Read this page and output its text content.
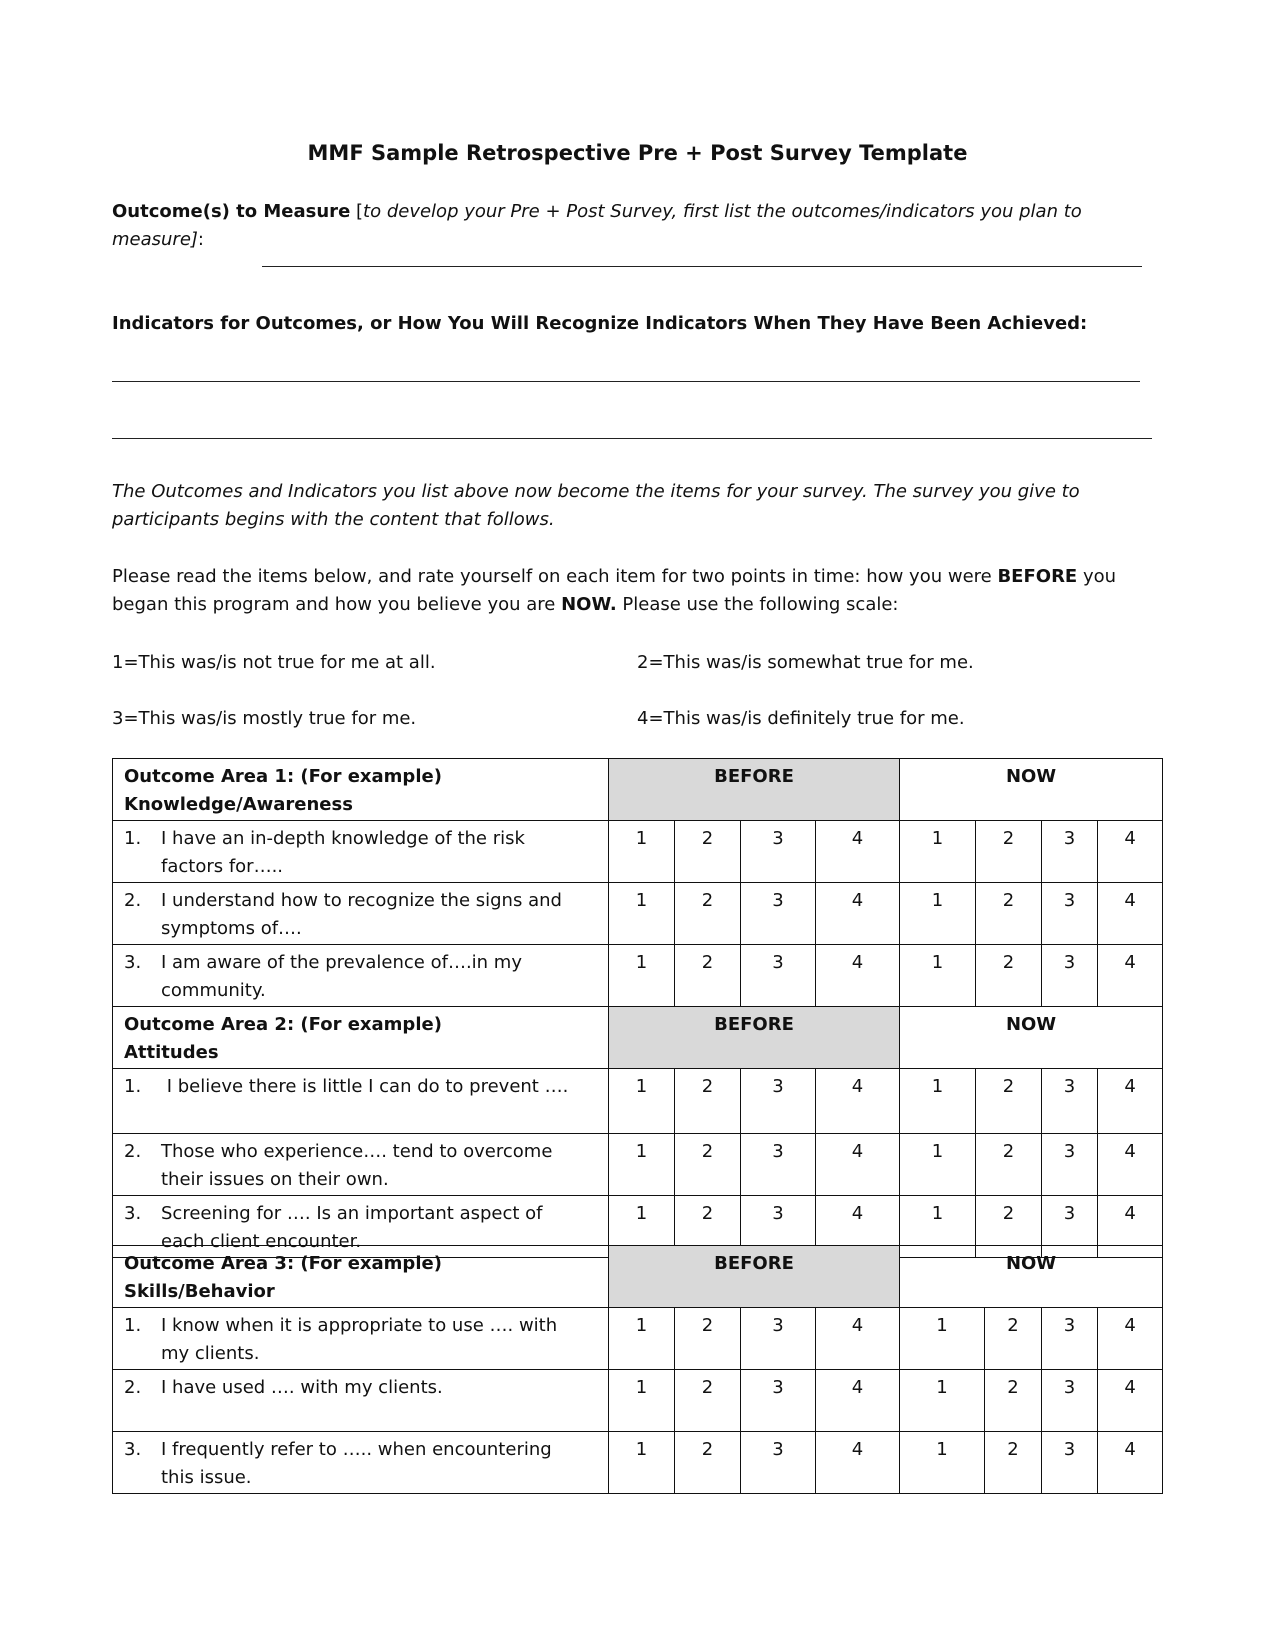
MMF Sample Retrospective Pre + Post Survey Template
Outcome(s) to Measure [to develop your Pre + Post Survey, first list the outcomes/indicators you plan to measure]:
Indicators for Outcomes, or How You Will Recognize Indicators When They Have Been Achieved:
The Outcomes and Indicators you list above now become the items for your survey. The survey you give to participants begins with the content that follows.
Please read the items below, and rate yourself on each item for two points in time: how you were BEFORE you began this program and how you believe you are NOW. Please use the following scale:
1=This was/is not true for me at all.	2=This was/is somewhat true for me.
3=This was/is mostly true for me.	4=This was/is definitely true for me.
Outcome Area 1: (For example)
Knowledge/Awareness	BEFORE				NOW			
1. I have an in-depth knowledge of the risk factors for…..	1	2	3	4	1	2	3	4
2. I understand how to recognize the signs and symptoms of….	1	2	3	4	1	2	3	4
3. I am aware of the prevalence of….in my community.	1	2	3	4	1	2	3	4

Outcome Area 2: (For example)
Attitudes	BEFORE				NOW			
1. I believe there is little I can do to prevent ….	1	2	3	4	1	2	3	4
2. Those who experience…. tend to overcome their issues on their own.	1	2	3	4	1	2	3	4
3. Screening for …. Is an important aspect of each client encounter.	1	2	3	4	1	2	3	4
Outcome Area 3: (For example)
Skills/Behavior	BEFORE				NOW			
1. I know when it is appropriate to use …. with my clients.	1	2	3	4	1	2	3	4
2. I have used …. with my clients.	1	2	3	4	1	2	3	4
3. I frequently refer to ….. when encountering this issue.	1	2	3	4	1	2	3	4
